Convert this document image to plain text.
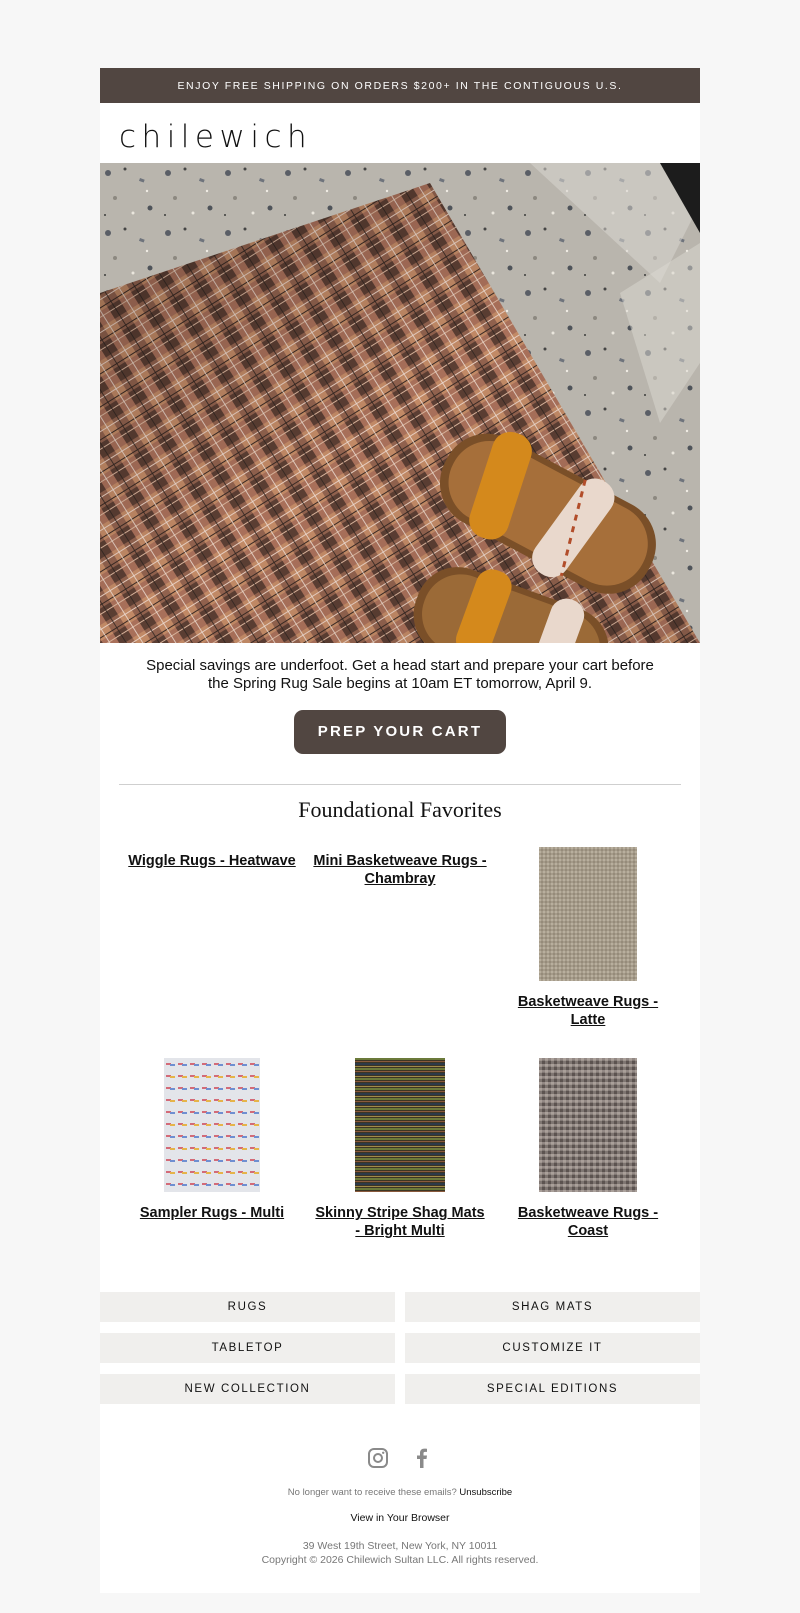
ENJOY FREE SHIPPING ON ORDERS $200+ IN THE CONTIGUOUS U.S.
chilewich
Special savings are underfoot. Get a head start and prepare your cart before the Spring Rug Sale begins at 10am ET tomorrow, April 9.
PREP YOUR CART
Foundational Favorites
Wiggle Rugs - Heatwave Mini Basketweave Rugs - Chambray
Basketweave Rugs - Latte
Sampler Rugs - Multi	Skinny Stripe Shag Mats - Bright Multi
Basketweave Rugs - Coast
RUGS	SHAG MATS
TABLETOP	CUSTOMIZE IT
NEW COLLECTION	SPECIAL EDITIONS

No longer want to receive these emails? Unsubscribe
View in Your Browser
39 West 19th Street, New York, NY 10011
Copyright © 2026 Chilewich Sultan LLC. All rights reserved.
